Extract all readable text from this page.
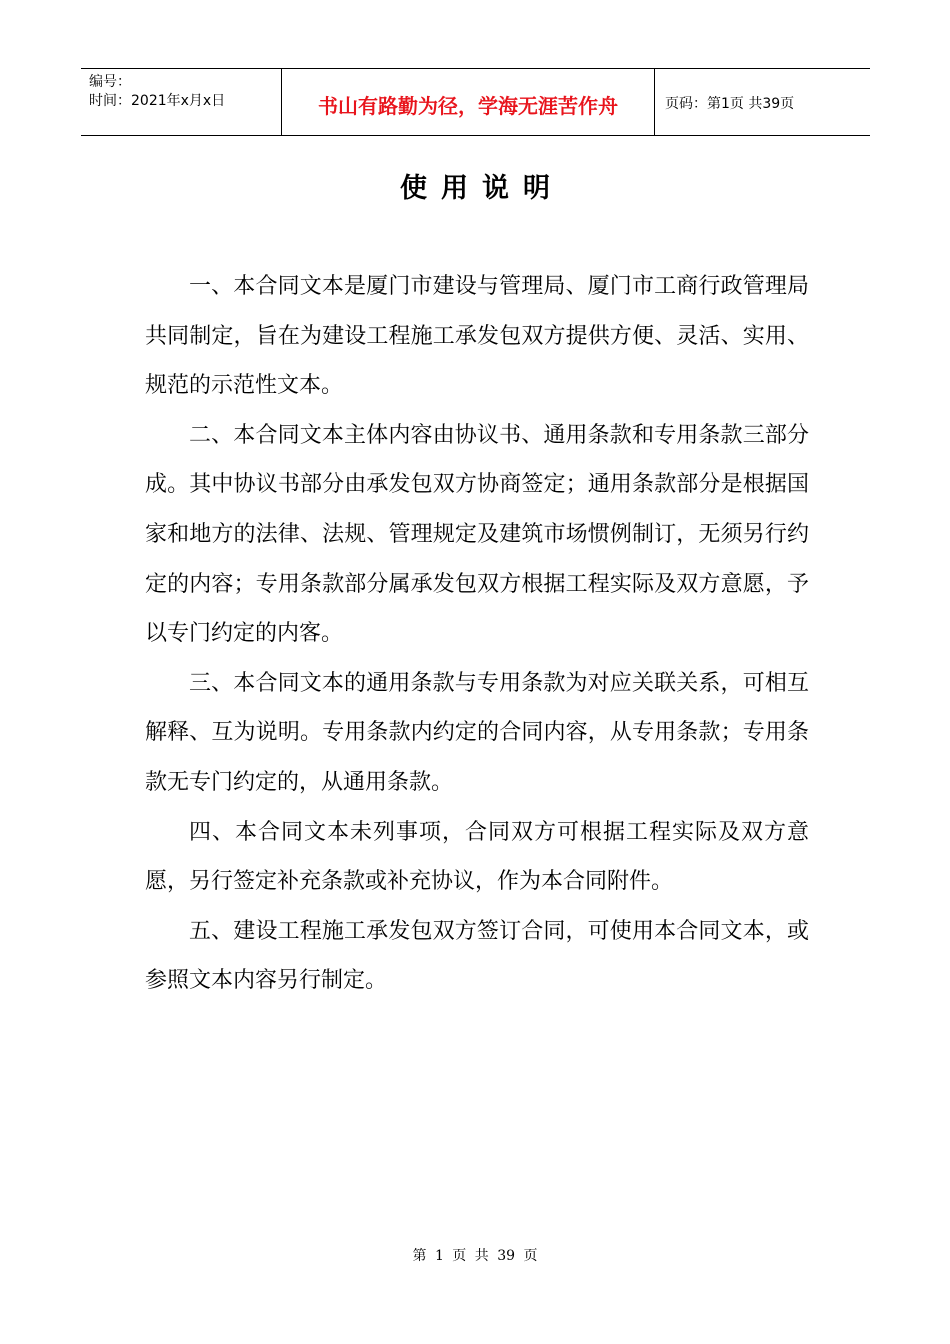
编号：
时间：2021年x月x日	书山有路勤为径，学海无涯苦作舟	页码：第1页 共39页
使用说明

一、本合同文本是厦门市建设与管理局、厦门市工商行政管理局共同制定，旨在为建设工程施工承发包双方提供方便、灵活、实用、规范的示范性文本。

二、本合同文本主体内容由协议书、通用条款和专用条款三部分成。其中协议书部分由承发包双方协商签定；通用条款部分是根据国家和地方的法律、法规、管理规定及建筑市场惯例制订，无须另行约定的内容；专用条款部分属承发包双方根据工程实际及双方意愿，予以专门约定的内客。

三、本合同文本的通用条款与专用条款为对应关联关系，可相互解释、互为说明。专用条款内约定的合同内容，从专用条款；专用条款无专门约定的，从通用条款。

四、本合同文本未列事项，合同双方可根据工程实际及双方意愿，另行签定补充条款或补充协议，作为本合同附件。

五、建设工程施工承发包双方签订合同，可使用本合同文本，或参照文本内容另行制定。

第 1 页 共 39 页
